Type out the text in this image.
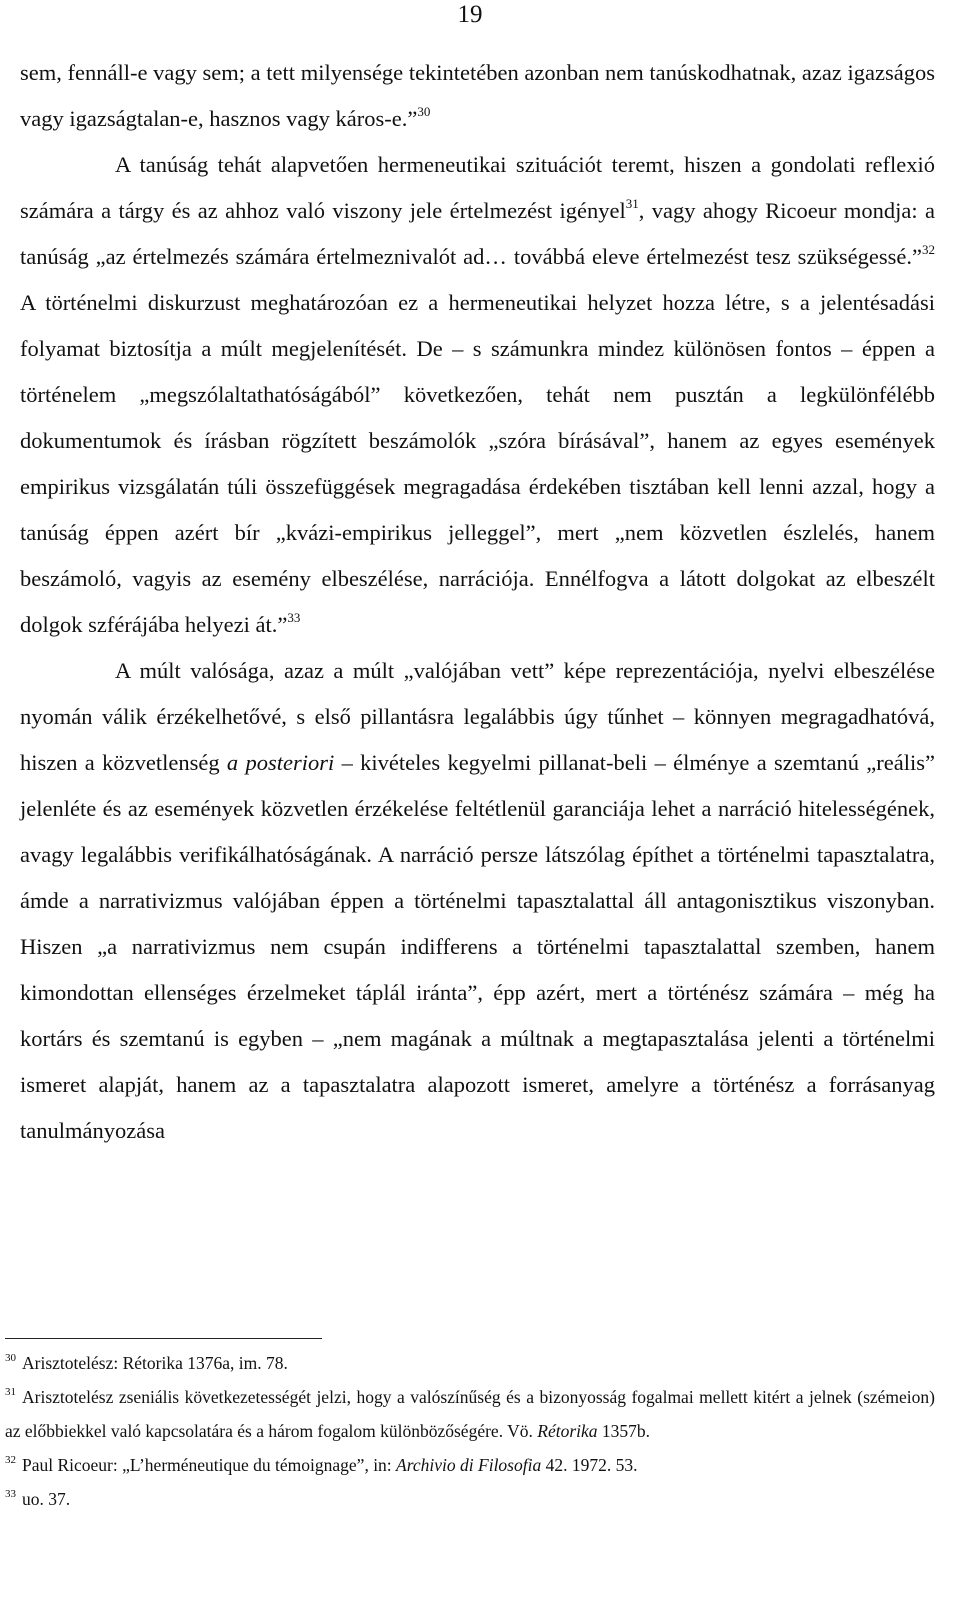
19

sem, fennáll-e vagy sem; a tett milyensége tekintetében azonban nem tanúskodhatnak, azaz igazságos vagy igazságtalan-e, hasznos vagy káros-e.”$^{30}$

A tanúság tehát alapvetően hermeneutikai szituációt teremt, hiszen a gondolati reflexió számára a tárgy és az ahhoz való viszony jele értelmezést igényel$^{31}$, vagy ahogy Ricoeur mondja: a tanúság „az értelmezés számára értelmeznivalót ad… továbbá eleve értelmezést tesz szükségessé.”$^{32}$ A történelmi diskurzust meghatározóan ez a hermeneutikai helyzet hozza létre, s a jelentésadási folyamat biztosítja a múlt megjelenítését. De – s számunkra mindez különösen fontos – éppen a történelem „megszólaltathatóságából” következően, tehát nem pusztán a legkülönfélébb dokumentumok és írásban rögzített beszámolók „szóra bírásával”, hanem az egyes események empirikus vizsgálatán túli összefüggések megragadása érdekében tisztában kell lenni azzal, hogy a tanúság éppen azért bír „kvázi-empirikus jelleggel”, mert „nem közvetlen észlelés, hanem beszámoló, vagyis az esemény elbeszélése, narrációja. Ennélfogva a látott dolgokat az elbeszélt dolgok szférájába helyezi át.”$^{33}$

A múlt valósága, azaz a múlt „valójában vett” képe reprezentációja, nyelvi elbeszélése nyomán válik érzékelhetővé, s első pillantásra legalábbis úgy tűnhet – könnyen megragadhatóvá, hiszen a közvetlenség a posteriori – kivételes kegyelmi pillanat-beli – élménye a szemtanú „reális” jelenléte és az események közvetlen érzékelése feltétlenül garanciája lehet a narráció hitelességének, avagy legalábbis verifikálhatóságának. A narráció persze látszólag építhet a történelmi tapasztalatra, ámde a narrativizmus valójában éppen a történelmi tapasztalattal áll antagonisztikus viszonyban. Hiszen „a narrativizmus nem csupán indifferens a történelmi tapasztalattal szemben, hanem kimondottan ellenséges érzelmeket táplál iránta”, épp azért, mert a történész számára – még ha kortárs és szemtanú is egyben – „nem magának a múltnak a megtapasztalása jelenti a történelmi ismeret alapját, hanem az a tapasztalatra alapozott ismeret, amelyre a történész a forrásanyag tanulmányozása

$^{30}$ Arisztotelész: Rétorika 1376a, im. 78.

$^{31}$ Arisztotelész zseniális következetességét jelzi, hogy a valószínűség és a bizonyosság fogalmai mellett kitért a jelnek (szémeion) az előbbiekkel való kapcsolatára és a három fogalom különbözőségére. Vö. Rétorika 1357b.

$^{32}$ Paul Ricoeur: „L’herméneutique du témoignage”, in: Archivio di Filosofia 42. 1972. 53.

$^{33}$ uo. 37.
